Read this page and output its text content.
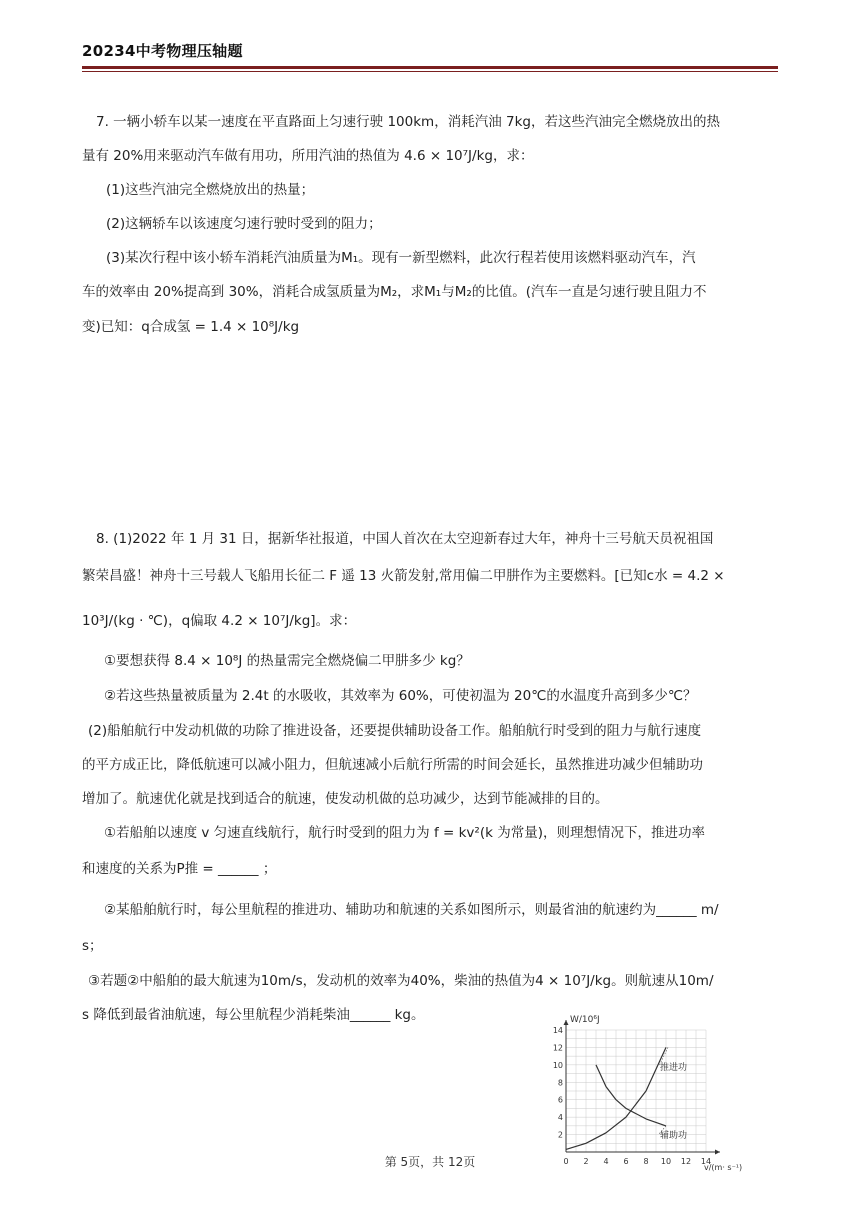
20234中考物理压轴题
7. 一辆小轿车以某一速度在平直路面上匀速行驶 100km，消耗汽油 7kg，若这些汽油完全燃烧放出的热
量有 20%用来驱动汽车做有用功，所用汽油的热值为 4.6 × 10⁷J/kg，求：
(1)这些汽油完全燃烧放出的热量；
(2)这辆轿车以该速度匀速行驶时受到的阻力；
(3)某次行程中该小轿车消耗汽油质量为M₁。现有一新型燃料，此次行程若使用该燃料驱动汽车，汽
车的效率由 20%提高到 30%，消耗合成氢质量为M₂，求M₁与M₂的比值。(汽车一直是匀速行驶且阻力不
变)已知：q合成氢 = 1.4 × 10⁸J/kg
8. (1)2022 年 1 月 31 日，据新华社报道，中国人首次在太空迎新春过大年，神舟十三号航天员祝祖国
繁荣昌盛！神舟十三号载人飞船用长征二 F 遥 13 火箭发射,常用偏二甲肼作为主要燃料。[已知c水 = 4.2 ×
10³J/(kg · ℃)，q偏取 4.2 × 10⁷J/kg]。求：
①要想获得 8.4 × 10⁸J 的热量需完全燃烧偏二甲肼多少 kg？
②若这些热量被质量为 2.4t 的水吸收，其效率为 60%，可使初温为 20℃的水温度升高到多少℃？
(2)船舶航行中发动机做的功除了推进设备，还要提供辅助设备工作。船舶航行时受到的阻力与航行速度
的平方成正比，降低航速可以减小阻力，但航速减小后航行所需的时间会延长，虽然推进功减少但辅助功
增加了。航速优化就是找到适合的航速，使发动机做的总功减少，达到节能减排的目的。
①若船舶以速度 v 匀速直线航行，航行时受到的阻力为 f = kv²(k 为常量)，则理想情况下，推进功率
和速度的关系为P推 = ______ ；
②某船舶航行时，每公里航程的推进功、辅助功和航速的关系如图所示，则最省油的航速约为______ m/
s；
③若题②中船舶的最大航速为10m/s，发动机的效率为40%，柴油的热值为4 × 10⁷J/kg。则航速从10m/
s 降低到最省油航速，每公里航程少消耗柴油______ kg。
2
4
6
8
10
12
14
0 2 4 6 8 10 12 14
W/10⁶J
v/(m· s⁻¹)
推进功
辅助功
第 5页，共 12页
